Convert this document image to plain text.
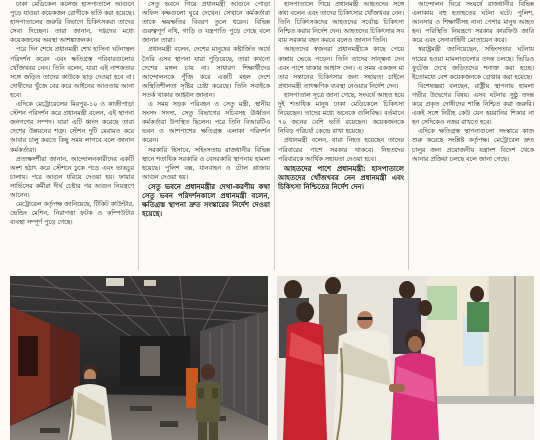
ঢাকা মেডিকেল কলেজ হাসপাতালে আগুনে পুড়ে যাওয়া কয়েকজন রোগীকে ভর্তি করা হয়েছে। হাসপাতালের জরুরি বিভাগে চিকিৎসকরা তাদের সেবা দিচ্ছেন। তারা জানান, দগ্ধদের মধ্যে কয়েকজনের অবস্থা আশঙ্কাজনক।

পরে দিন শেষে প্রধানমন্ত্রী শেখ হাসিনা ঘটনাস্থল পরিদর্শন করেন এবং ক্ষতিগ্রস্ত পরিবারগুলোর খোঁজখবর নেন। তিনি বলেন, যারা এই নাশকতার সঙ্গে জড়িত তাদের কাউকে ছাড় দেওয়া হবে না। দোষীদের খুঁজে বের করে আইনের আওতায় আনা হবে।

এদিকে মেট্রোরেলের মিরপুর-১০ ও কাজীপাড়া স্টেশন পরিদর্শন করে প্রধানমন্ত্রী বলেন, এই স্থাপনা জনগণের সম্পদ। যারা এটি ধ্বংস করেছে তারা দেশের উন্নয়নের শত্রু। স্টেশন দুটি মেরামত করে আবার চালু করতে কিছু সময় লাগবে বলে জানান কর্মকর্তারা।

প্রত্যক্ষদর্শীরা জানান, আন্দোলনকারীদের একটি অংশ হঠাৎ করে স্টেশনে ঢুকে পড়ে এবং ভাঙচুর চালায়। পরে আগুন ধরিয়ে দেওয়া হয়। ফায়ার সার্ভিসের কর্মীরা দীর্ঘ চেষ্টার পর আগুন নিয়ন্ত্রণে আনেন।

মেট্রোরেল কর্তৃপক্ষ জানিয়েছে, টিকিট কাউন্টার, ভেন্ডিং মেশিন, নিরাপত্তা ফটক ও কম্পিউটার ব্যবস্থা সম্পূর্ণ পুড়ে গেছে।

সেতু ভবনে গিয়ে প্রধানমন্ত্রী আগুনে পোড়া অফিস কক্ষগুলো ঘুরে দেখেন। সেখানে কর্মকর্তারা তাকে ক্ষয়ক্ষতির বিবরণ তুলে ধরেন। বিভিন্ন গুরুত্বপূর্ণ নথি, গাড়ি ও যন্ত্রপাতি পুড়ে গেছে বলে জানান তারা।

প্রধানমন্ত্রী বলেন, দেশের মানুষের কষ্টার্জিত অর্থে তৈরি এসব স্থাপনা যারা পুড়িয়েছে, তারা কখনো দেশের মঙ্গল চায় না। সাধারণ শিক্ষার্থীদের আন্দোলনকে পুঁজি করে একটি মহল দেশে অস্থিতিশীলতা সৃষ্টির চেষ্টা করেছে। তিনি সবাইকে সতর্ক থাকার আহ্বান জানান।

এ সময় সড়ক পরিবহন ও সেতু মন্ত্রী, স্থানীয় সংসদ সদস্য, সেতু বিভাগের সচিবসহ ঊর্ধ্বতন কর্মকর্তারা উপস্থিত ছিলেন। পরে তিনি বিআরটিএ ভবন ও আশপাশের ক্ষতিগ্রস্ত এলাকা পরিদর্শন করেন।

সরকারি হিসাবে, সহিংসতায় রাজধানীর বিভিন্ন স্থানে শতাধিক সরকারি ও বেসরকারি স্থাপনায় হামলা হয়েছে। পুলিশ বক্স, যানবাহন ও টোল প্লাজায় আগুন দেওয়া হয়।

সেতু ভবনে প্রধানমন্ত্রীর দেখা-করণীয় কথা সেতু ভবন পরিদর্শনকালে প্রধানমন্ত্রী বলেন, ক্ষতিগ্রস্ত স্থাপনা দ্রুত সংস্কারের নির্দেশ দেওয়া হয়েছে।

হাসপাতালে গিয়ে প্রধানমন্ত্রী আহতদের সঙ্গে কথা বলেন এবং তাদের চিকিৎসার খোঁজখবর নেন। তিনি চিকিৎসকদের আহতদের সর্বোচ্চ চিকিৎসা নিশ্চিত করার নির্দেশ দেন। আহতদের চিকিৎসার সব ব্যয় সরকার বহন করবে বলেও জানান তিনি।

আহতদের স্বজনরা প্রধানমন্ত্রীকে কাছে পেয়ে কান্নায় ভেঙে পড়েন। তিনি তাদের সান্ত্বনা দেন এবং পাশে থাকার আশ্বাস দেন। এ সময় একজন মা তার সন্তানের চিকিৎসার জন্য সহায়তা চাইলে প্রধানমন্ত্রী তাৎক্ষণিক ব্যবস্থা নেওয়ার নির্দেশ দেন।

হাসপাতাল সূত্রে জানা গেছে, সংঘর্ষে আহত হয়ে দুই শতাধিক মানুষ ঢাকা মেডিকেলে চিকিৎসা নিয়েছেন। তাদের মধ্যে অনেকে গুলিবিদ্ধ। বর্তমানে ৭০ জনের বেশি ভর্তি রয়েছেন। কয়েকজনকে নিবিড় পরিচর্যা কেন্দ্রে রাখা হয়েছে।

প্রধানমন্ত্রী বলেন, যারা নিহত হয়েছেন তাদের পরিবারের পাশে সরকার থাকবে। নিহতদের পরিবারকে আর্থিক সহায়তা দেওয়া হবে।

আহতদের পাশে প্রধানমন্ত্রী: হাসপাতালে আহতদের খোঁজখবর নেন প্রধানমন্ত্রী এবং চিকিৎসা নিশ্চিতের নির্দেশ দেন।

আন্দোলন ঘিরে সংঘর্ষে রাজধানীর বিভিন্ন এলাকায় বহু হতাহতের ঘটনা ঘটে। পুলিশ, আনসার ও শিক্ষার্থীসহ নানা পেশার মানুষ আহত হন। পরিস্থিতি নিয়ন্ত্রণে সরকার কারফিউ জারি করে এবং সেনাবাহিনী মোতায়েন করে।

স্বরাষ্ট্রমন্ত্রী জানিয়েছেন, সহিংসতার ঘটনায় দায়ের হওয়া মামলাগুলোর তদন্ত চলছে। ভিডিও ফুটেজ দেখে জড়িতদের শনাক্ত করা হচ্ছে। ইতোমধ্যে বেশ কয়েকজনকে গ্রেপ্তার করা হয়েছে।

বিশেষজ্ঞরা বলছেন, রাষ্ট্রীয় স্থাপনায় হামলা গভীর উদ্বেগের বিষয়। এসব ঘটনার সুষ্ঠু তদন্ত করে প্রকৃত দোষীদের শাস্তি নিশ্চিত করা জরুরি। একই সঙ্গে নিরীহ কেউ যেন হয়রানির শিকার না হন সেদিকেও নজর রাখতে হবে।

এদিকে ক্ষতিগ্রস্ত স্থাপনাগুলো সংস্কারে কাজ শুরু করেছে সংশ্লিষ্ট কর্তৃপক্ষ। মেট্রোরেল দ্রুত চালুর জন্য প্রয়োজনীয় যন্ত্রাংশ বিদেশ থেকে আনার প্রক্রিয়া চলছে বলে জানা গেছে।
